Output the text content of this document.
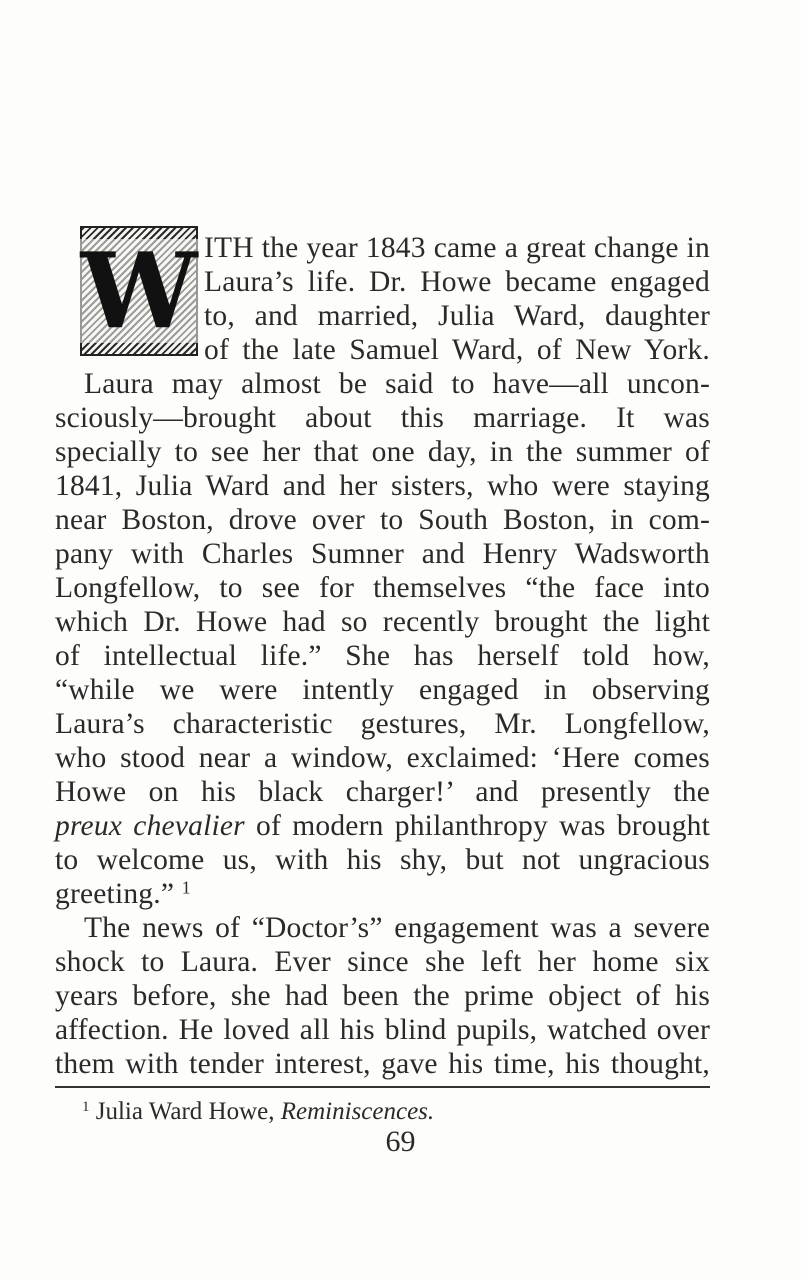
W ITH the year 1843 came a great change in
Laura’s life. Dr. Howe became engaged
to, and married, Julia Ward, daughter
of the late Samuel Ward, of New York.
Laura may almost be said to have—all uncon-
sciously—brought about this marriage. It was
specially to see her that one day, in the summer of
1841, Julia Ward and her sisters, who were staying
near Boston, drove over to South Boston, in com-
pany with Charles Sumner and Henry Wadsworth
Longfellow, to see for themselves “the face into
which Dr. Howe had so recently brought the light
of intellectual life.” She has herself told how,
“while we were intently engaged in observing
Laura’s characteristic gestures, Mr. Longfellow,
who stood near a window, exclaimed: ‘Here comes
Howe on his black charger!’ and presently the
preux chevalier of modern philanthropy was brought
to welcome us, with his shy, but not ungracious
greeting.” $^1$
The news of “Doctor’s” engagement was a severe
shock to Laura. Ever since she left her home six
years before, she had been the prime object of his
affection. He loved all his blind pupils, watched over
them with tender interest, gave his time, his thought,
$^1$ Julia Ward Howe, Reminiscences.
69
